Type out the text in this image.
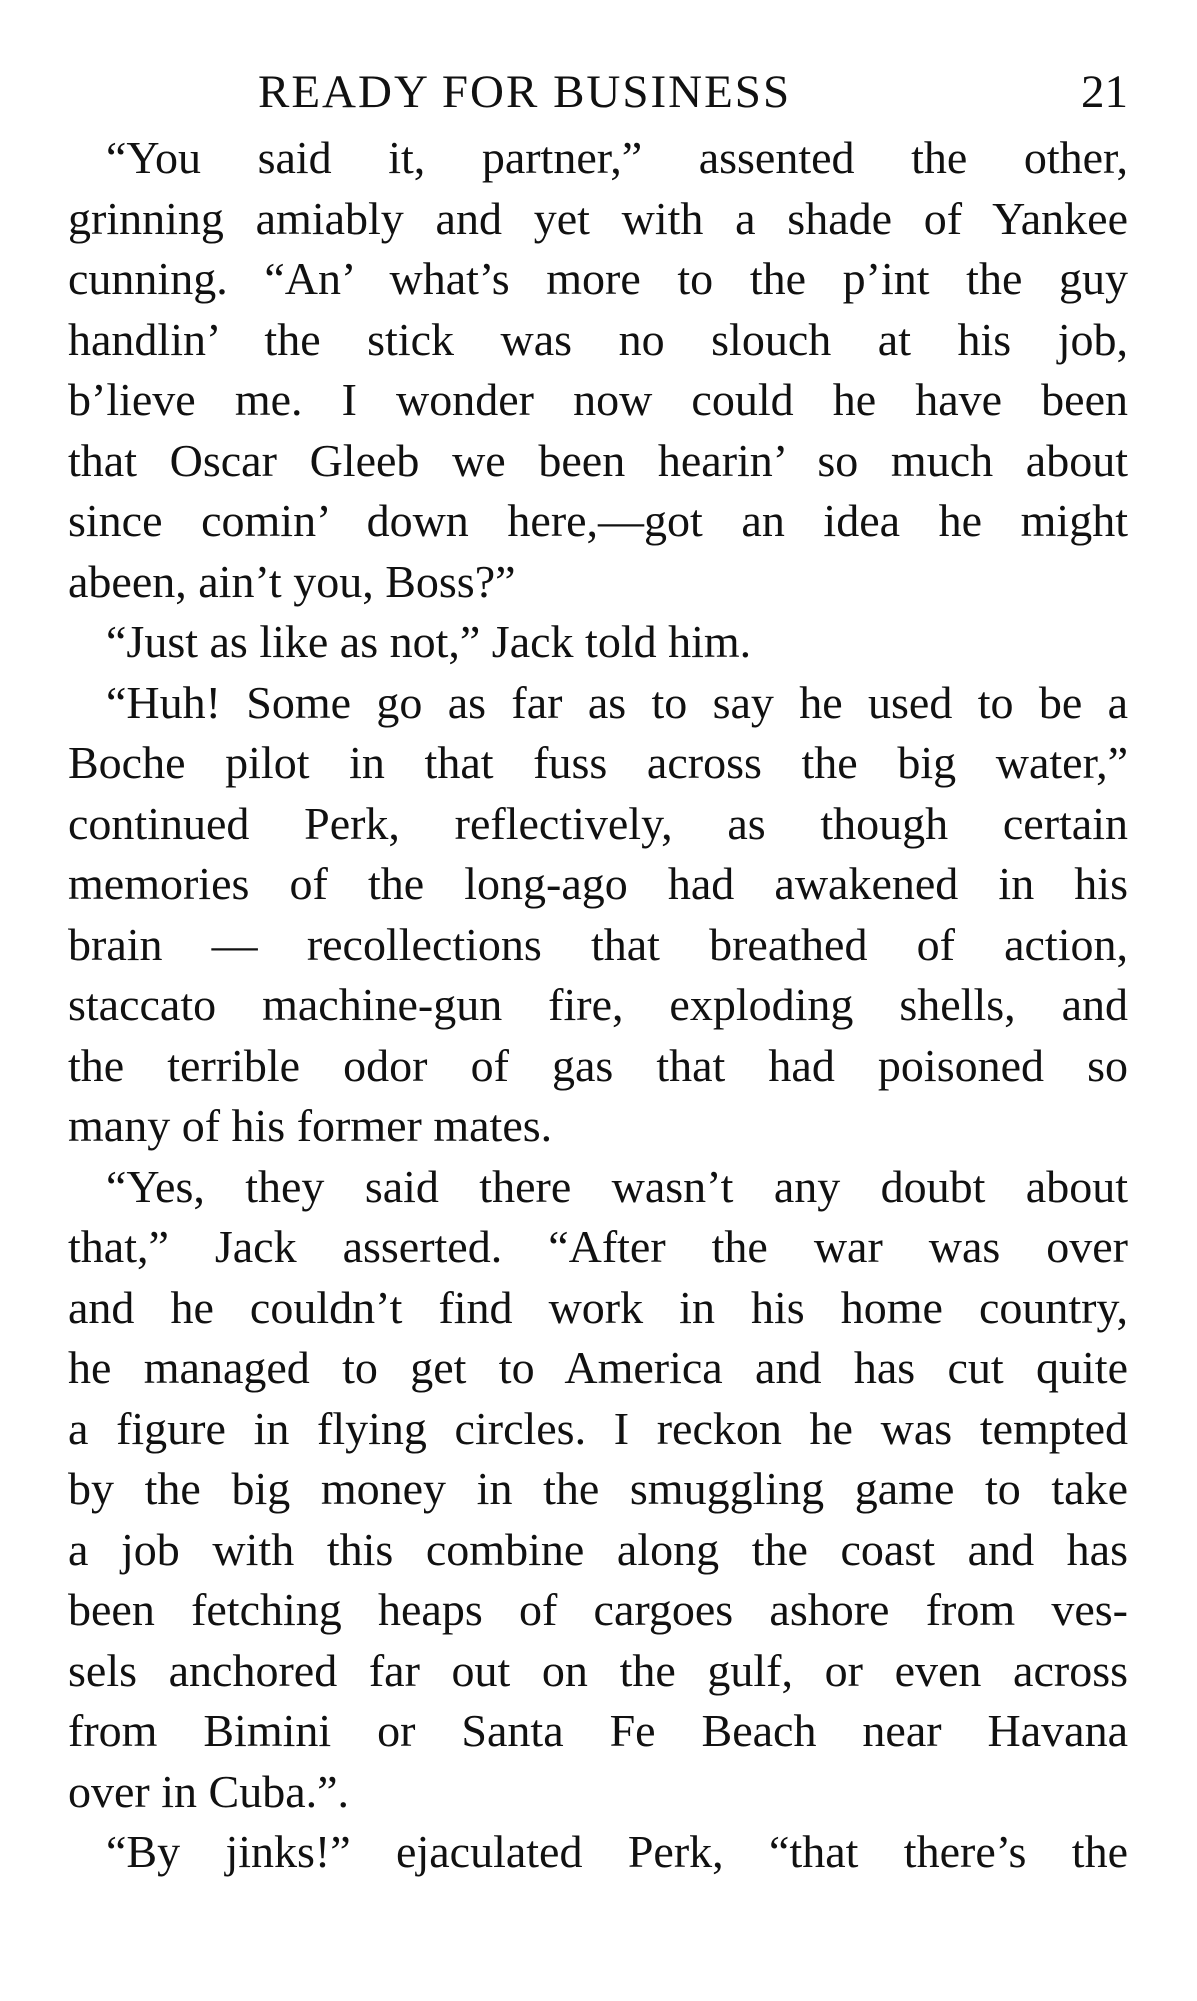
READY FOR BUSINESS	21
“You said it, partner,” assented the other,
grinning amiably and yet with a shade of Yankee
cunning. “An’ what’s more to the p’int the guy
handlin’ the stick was no slouch at his job,
b’lieve me. I wonder now could he have been
that Oscar Gleeb we been hearin’ so much about
since comin’ down here,—got an idea he might
abeen, ain’t you, Boss?”
“Just as like as not,” Jack told him.
“Huh! Some go as far as to say he used to be a
Boche pilot in that fuss across the big water,”
continued Perk, reflectively, as though certain
memories of the long-ago had awakened in his
brain — recollections that breathed of action,
staccato machine-gun fire, exploding shells, and
the terrible odor of gas that had poisoned so
many of his former mates.
“Yes, they said there wasn’t any doubt about
that,” Jack asserted. “After the war was over
and he couldn’t find work in his home country,
he managed to get to America and has cut quite
a figure in flying circles. I reckon he was tempted
by the big money in the smuggling game to take
a job with this combine along the coast and has
been fetching heaps of cargoes ashore from ves-
sels anchored far out on the gulf, or even across
from Bimini or Santa Fe Beach near Havana
over in Cuba.”.
“By jinks!” ejaculated Perk, “that there’s the
